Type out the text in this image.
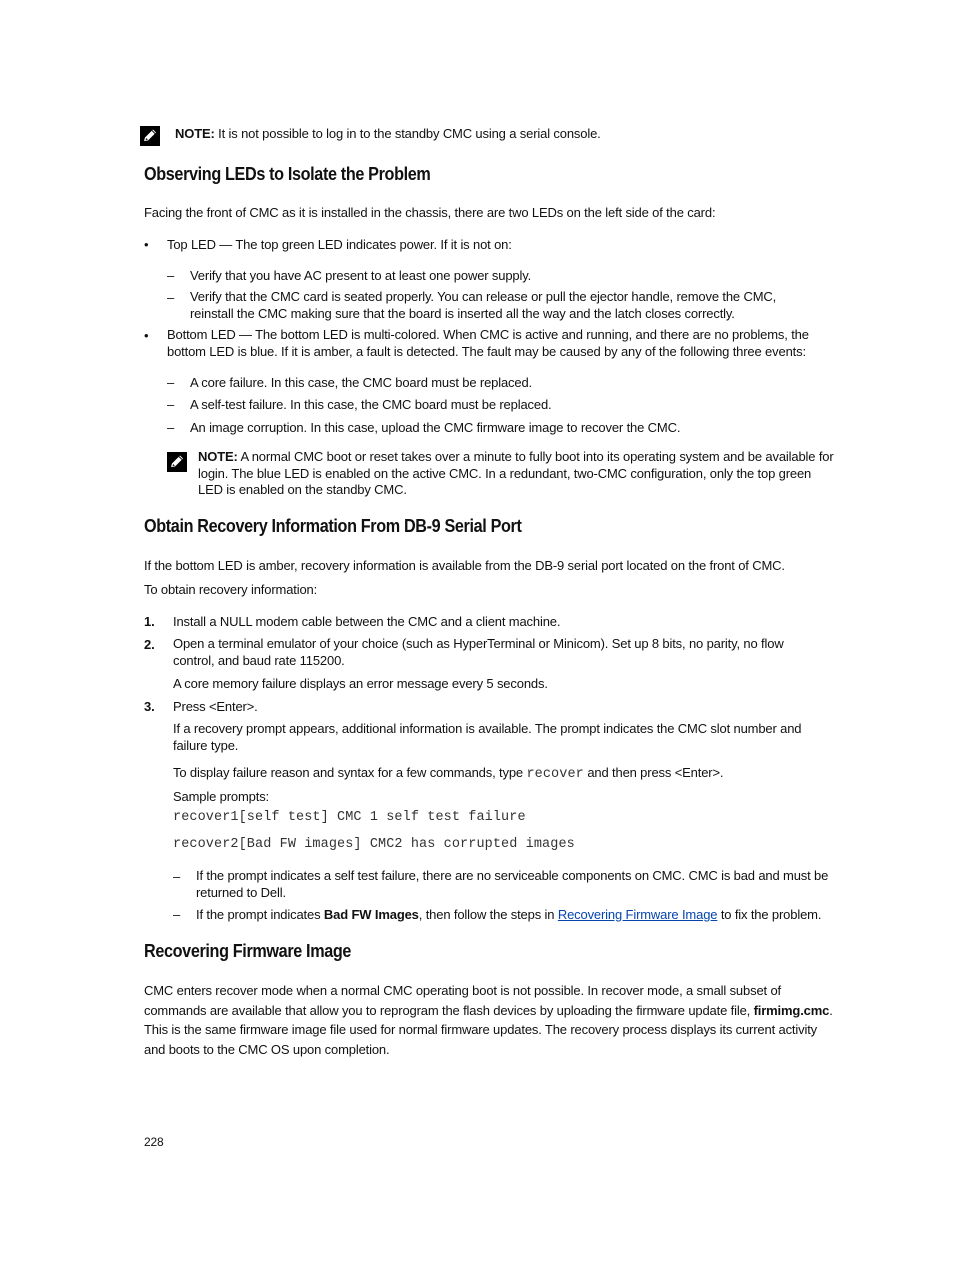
NOTE: It is not possible to log in to the standby CMC using a serial console.
Observing LEDs to Isolate the Problem
Facing the front of CMC as it is installed in the chassis, there are two LEDs on the left side of the card:
• Top LED — The top green LED indicates power. If it is not on:
– Verify that you have AC present to at least one power supply.
– Verify that the CMC card is seated properly. You can release or pull the ejector handle, remove the CMC, reinstall the CMC making sure that the board is inserted all the way and the latch closes correctly.
• Bottom LED — The bottom LED is multi-colored. When CMC is active and running, and there are no problems, the bottom LED is blue. If it is amber, a fault is detected. The fault may be caused by any of the following three events:
– A core failure. In this case, the CMC board must be replaced.
– A self-test failure. In this case, the CMC board must be replaced.
– An image corruption. In this case, upload the CMC firmware image to recover the CMC.
NOTE: A normal CMC boot or reset takes over a minute to fully boot into its operating system and be available for login. The blue LED is enabled on the active CMC. In a redundant, two-CMC configuration, only the top green LED is enabled on the standby CMC.
Obtain Recovery Information From DB-9 Serial Port
If the bottom LED is amber, recovery information is available from the DB-9 serial port located on the front of CMC.
To obtain recovery information:
1. Install a NULL modem cable between the CMC and a client machine.
2. Open a terminal emulator of your choice (such as HyperTerminal or Minicom). Set up 8 bits, no parity, no flow control, and baud rate 115200.
A core memory failure displays an error message every 5 seconds.
3. Press <Enter>.
If a recovery prompt appears, additional information is available. The prompt indicates the CMC slot number and failure type.
To display failure reason and syntax for a few commands, type recover and then press <Enter>.
Sample prompts:
recover1[self test] CMC 1 self test failure
recover2[Bad FW images] CMC2 has corrupted images
– If the prompt indicates a self test failure, there are no serviceable components on CMC. CMC is bad and must be returned to Dell.
– If the prompt indicates Bad FW Images, then follow the steps in Recovering Firmware Image to fix the problem.
Recovering Firmware Image
CMC enters recover mode when a normal CMC operating boot is not possible. In recover mode, a small subset of commands are available that allow you to reprogram the flash devices by uploading the firmware update file, firmimg.cmc. This is the same firmware image file used for normal firmware updates. The recovery process displays its current activity and boots to the CMC OS upon completion.
228
